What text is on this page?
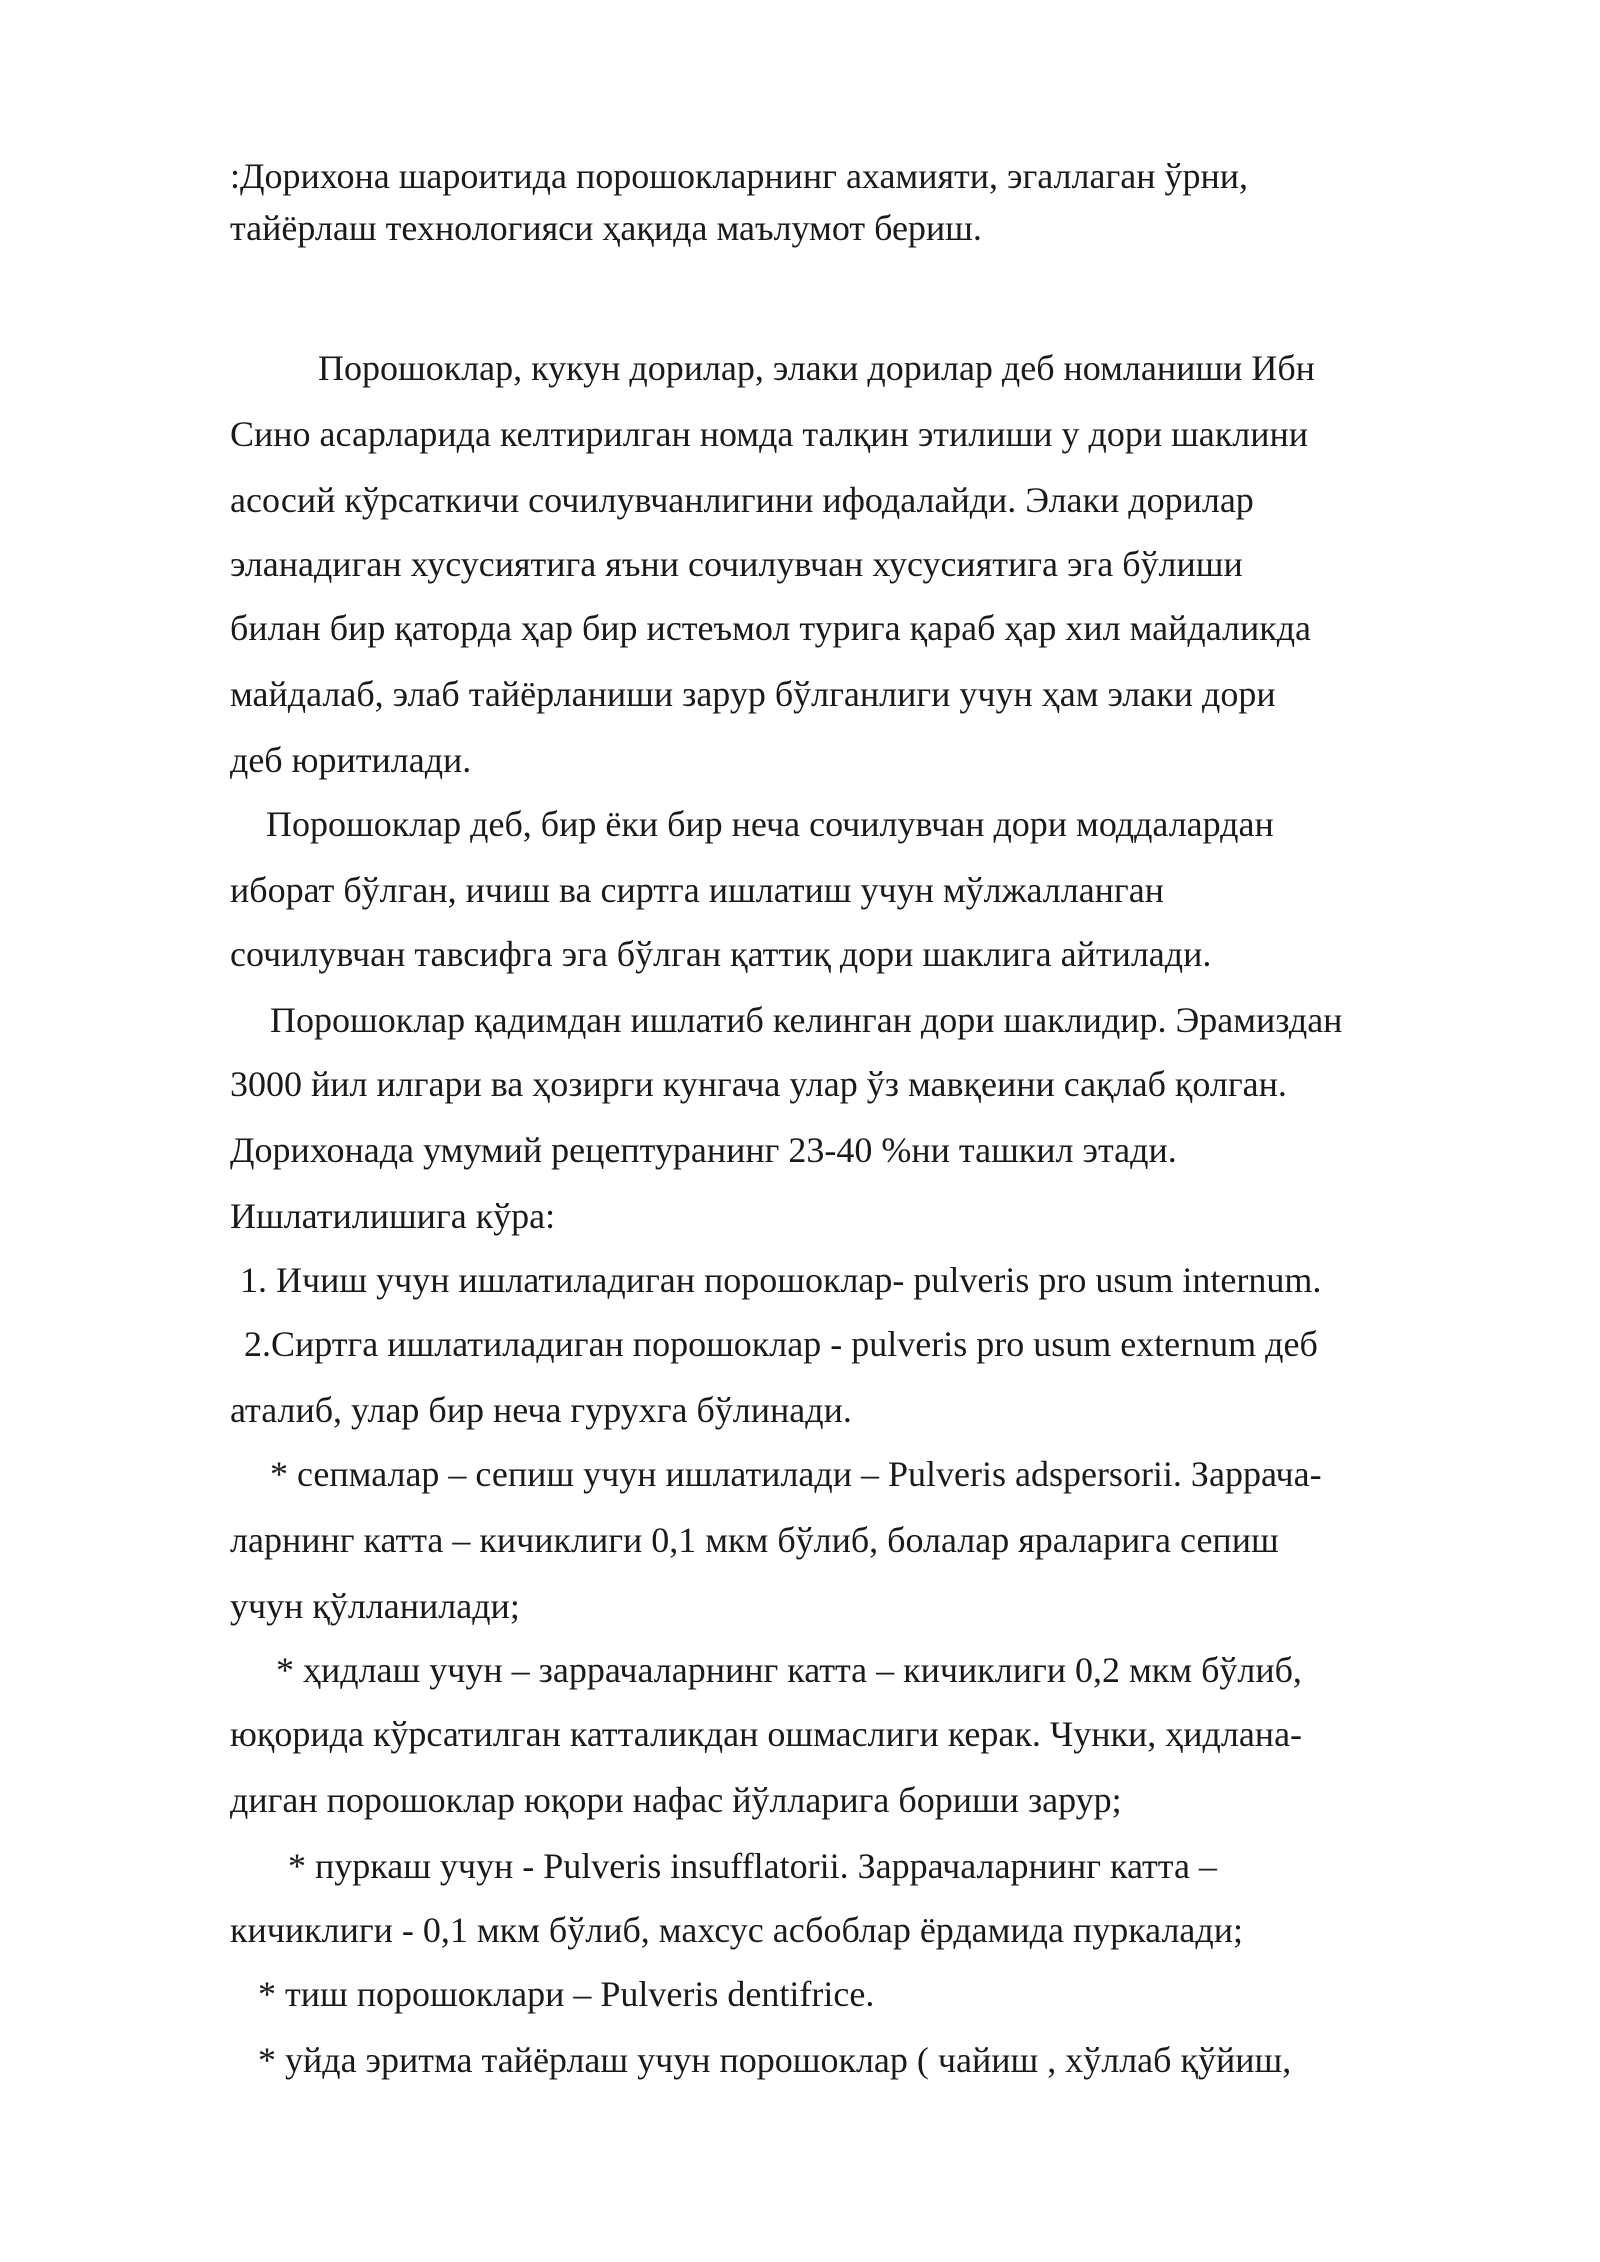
:Дорихона шароитида порошокларнинг ахамияти, эгаллаган ўрни,
тайёрлаш технологияси ҳақида маълумот бериш.
Порошоклар, кукун дорилар, элаки дорилар деб номланиши Ибн
Сино асарларида келтирилган номда талқин этилиши у дори шаклини
асосий кўрсаткичи сочилувчанлигини ифодалайди. Элаки дорилар
эланадиган хусусиятига яъни сочилувчан хусусиятига эга бўлиши
билан бир қаторда ҳар бир истеъмол турига қараб ҳар хил майдаликда
майдалаб, элаб тайёрланиши зарур бўлганлиги учун ҳам элаки дори
деб юритилади.
Порошоклар деб, бир ёки бир неча сочилувчан дори моддалардан
иборат бўлган, ичиш ва сиртга ишлатиш учун мўлжалланган
сочилувчан тавсифга эга бўлган қаттиқ дори шаклига айтилади.
Порошоклар қадимдан ишлатиб келинган дори шаклидир. Эрамиздан
3000 йил илгари ва ҳозирги кунгача улар ўз мавқеини сақлаб қолган.
Дорихонада умумий рецептуранинг 23-40 %ни ташкил этади.
Ишлатилишига кўра:
1. Ичиш учун ишлатиладиган порошоклар- pulveris pro usum internum.
2.Сиртга ишлатиладиган порошоклар - pulveris pro usum externum деб
аталиб, улар бир неча гурухга бўлинади.
* сепмалар – сепиш учун ишлатилади – Pulveris adspersorii. Заррача-
ларнинг катта – кичиклиги 0,1 мкм бўлиб, болалар яраларига сепиш
учун қўлланилади;
* ҳидлаш учун – заррачаларнинг катта – кичиклиги 0,2 мкм бўлиб,
юқорида кўрсатилган катталикдан ошмаслиги керак. Чунки, ҳидлана-
диган порошоклар юқори нафас йўлларига бориши зарур;
* пуркаш учун - Pulveris insufflatorii. Заррачаларнинг катта –
кичиклиги - 0,1 мкм бўлиб, махсус асбоблар ёрдамида пуркалади;
* тиш порошоклари – Pulveris dentifrice.
* уйда эритма тайёрлаш учун порошоклар ( чайиш , хўллаб қўйиш,
